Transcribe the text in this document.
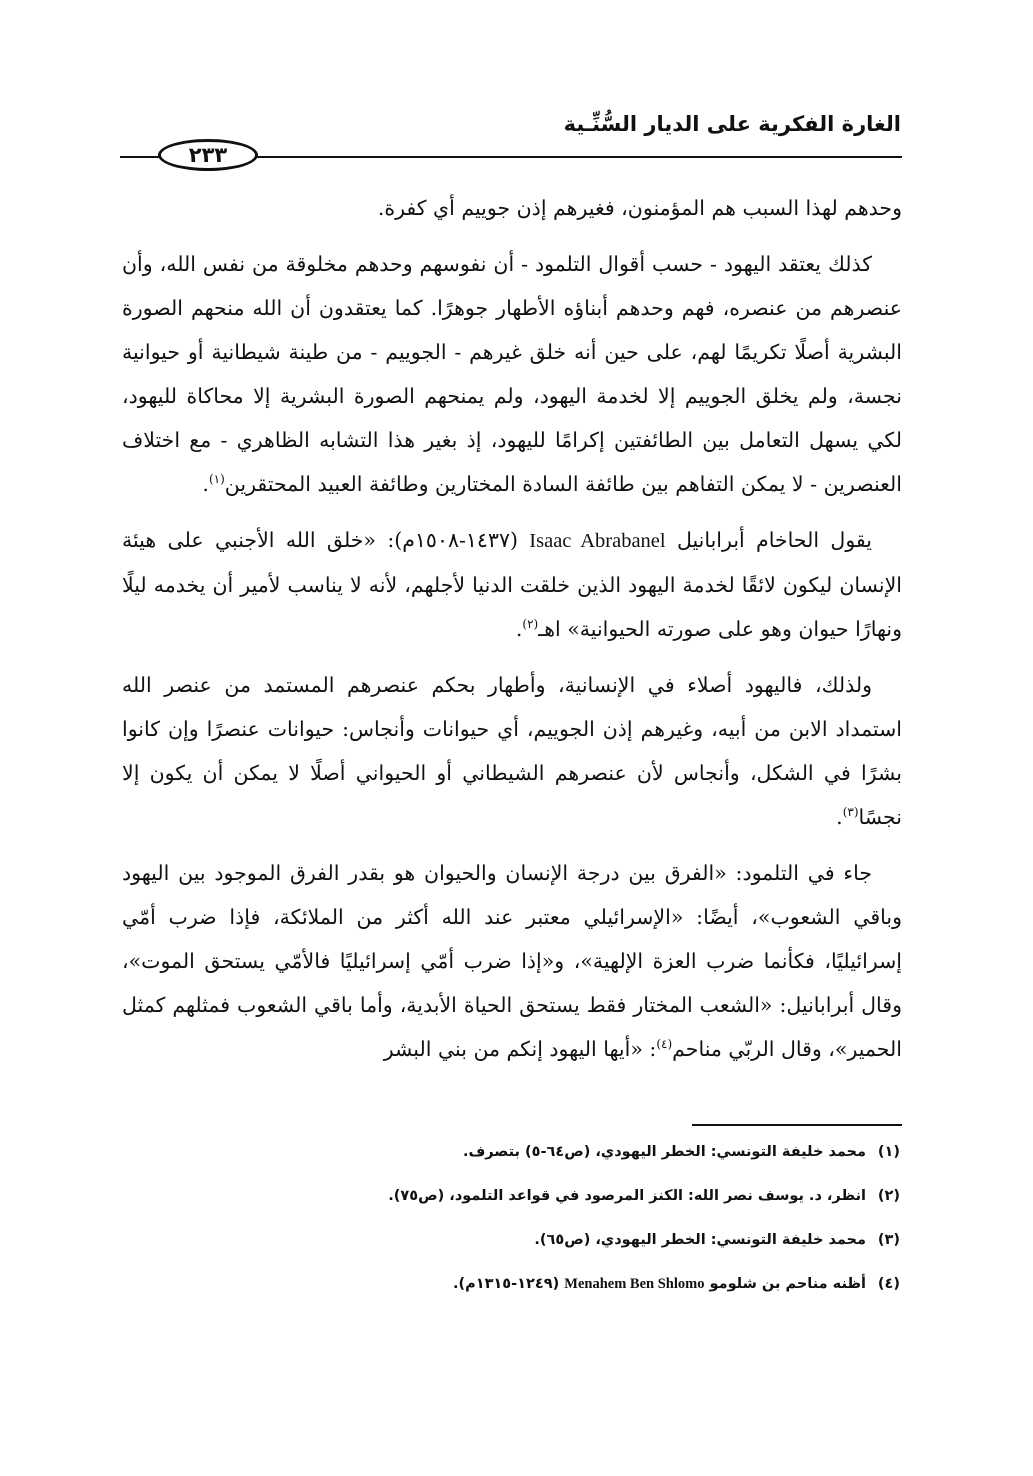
الغارة الفكرية على الديار السُّنِّـية
٢٣٣

وحدهم لهذا السبب هم المؤمنون، فغيرهم إذن جوييم أي كفرة.

كذلك يعتقد اليهود - حسب أقوال التلمود - أن نفوسهم وحدهم مخلوقة من نفس الله، وأن عنصرهم من عنصره، فهم وحدهم أبناؤه الأطهار جوهرًا. كما يعتقدون أن الله منحهم الصورة البشرية أصلًا تكريمًا لهم، على حين أنه خلق غيرهم - الجوييم - من طينة شيطانية أو حيوانية نجسة، ولم يخلق الجوييم إلا لخدمة اليهود، ولم يمنحهم الصورة البشرية إلا محاكاة لليهود، لكي يسهل التعامل بين الطائفتين إكرامًا لليهود، إذ بغير هذا التشابه الظاهري - مع اختلاف العنصرين - لا يمكن التفاهم بين طائفة السادة المختارين وطائفة العبيد المحتقرين$^{(١)}$.

يقول الحاخام أبرابانيل Isaac Abrabanel (١٤٣٧-١٥٠٨م): «خلق الله الأجنبي على هيئة الإنسان ليكون لائقًا لخدمة اليهود الذين خلقت الدنيا لأجلهم، لأنه لا يناسب لأمير أن يخدمه ليلًا ونهارًا حيوان وهو على صورته الحيوانية» اهـ$^{(٢)}$.

ولذلك، فاليهود أصلاء في الإنسانية، وأطهار بحكم عنصرهم المستمد من عنصر الله استمداد الابن من أبيه، وغيرهم إذن الجوييم، أي حيوانات وأنجاس: حيوانات عنصرًا وإن كانوا بشرًا في الشكل، وأنجاس لأن عنصرهم الشيطاني أو الحيواني أصلًا لا يمكن أن يكون إلا نجسًا$^{(٣)}$.

جاء في التلمود: «الفرق بين درجة الإنسان والحيوان هو بقدر الفرق الموجود بين اليهود وباقي الشعوب»، أيضًا: «الإسرائيلي معتبر عند الله أكثر من الملائكة، فإذا ضرب أمّي إسرائيليًا، فكأنما ضرب العزة الإلهية»، و«إذا ضرب أمّي إسرائيليًا فالأمّي يستحق الموت»، وقال أبرابانيل: «الشعب المختار فقط يستحق الحياة الأبدية، وأما باقي الشعوب فمثلهم كمثل الحمير»، وقال الربّي مناحم$^{(٤)}$: «أيها اليهود إنكم من بني البشر

(١)
محمد خليفة التونسي: الخطر اليهودي، (ص٦٤-٥) بتصرف.
(٢)
انظر، د. يوسف نصر الله: الكنز المرصود في قواعد التلمود، (ص٧٥).
(٣)
محمد خليفة التونسي: الخطر اليهودي، (ص٦٥).
(٤)
أظنه مناحم بن شلومو Menahem Ben Shlomo (١٢٤٩-١٣١٥م).
